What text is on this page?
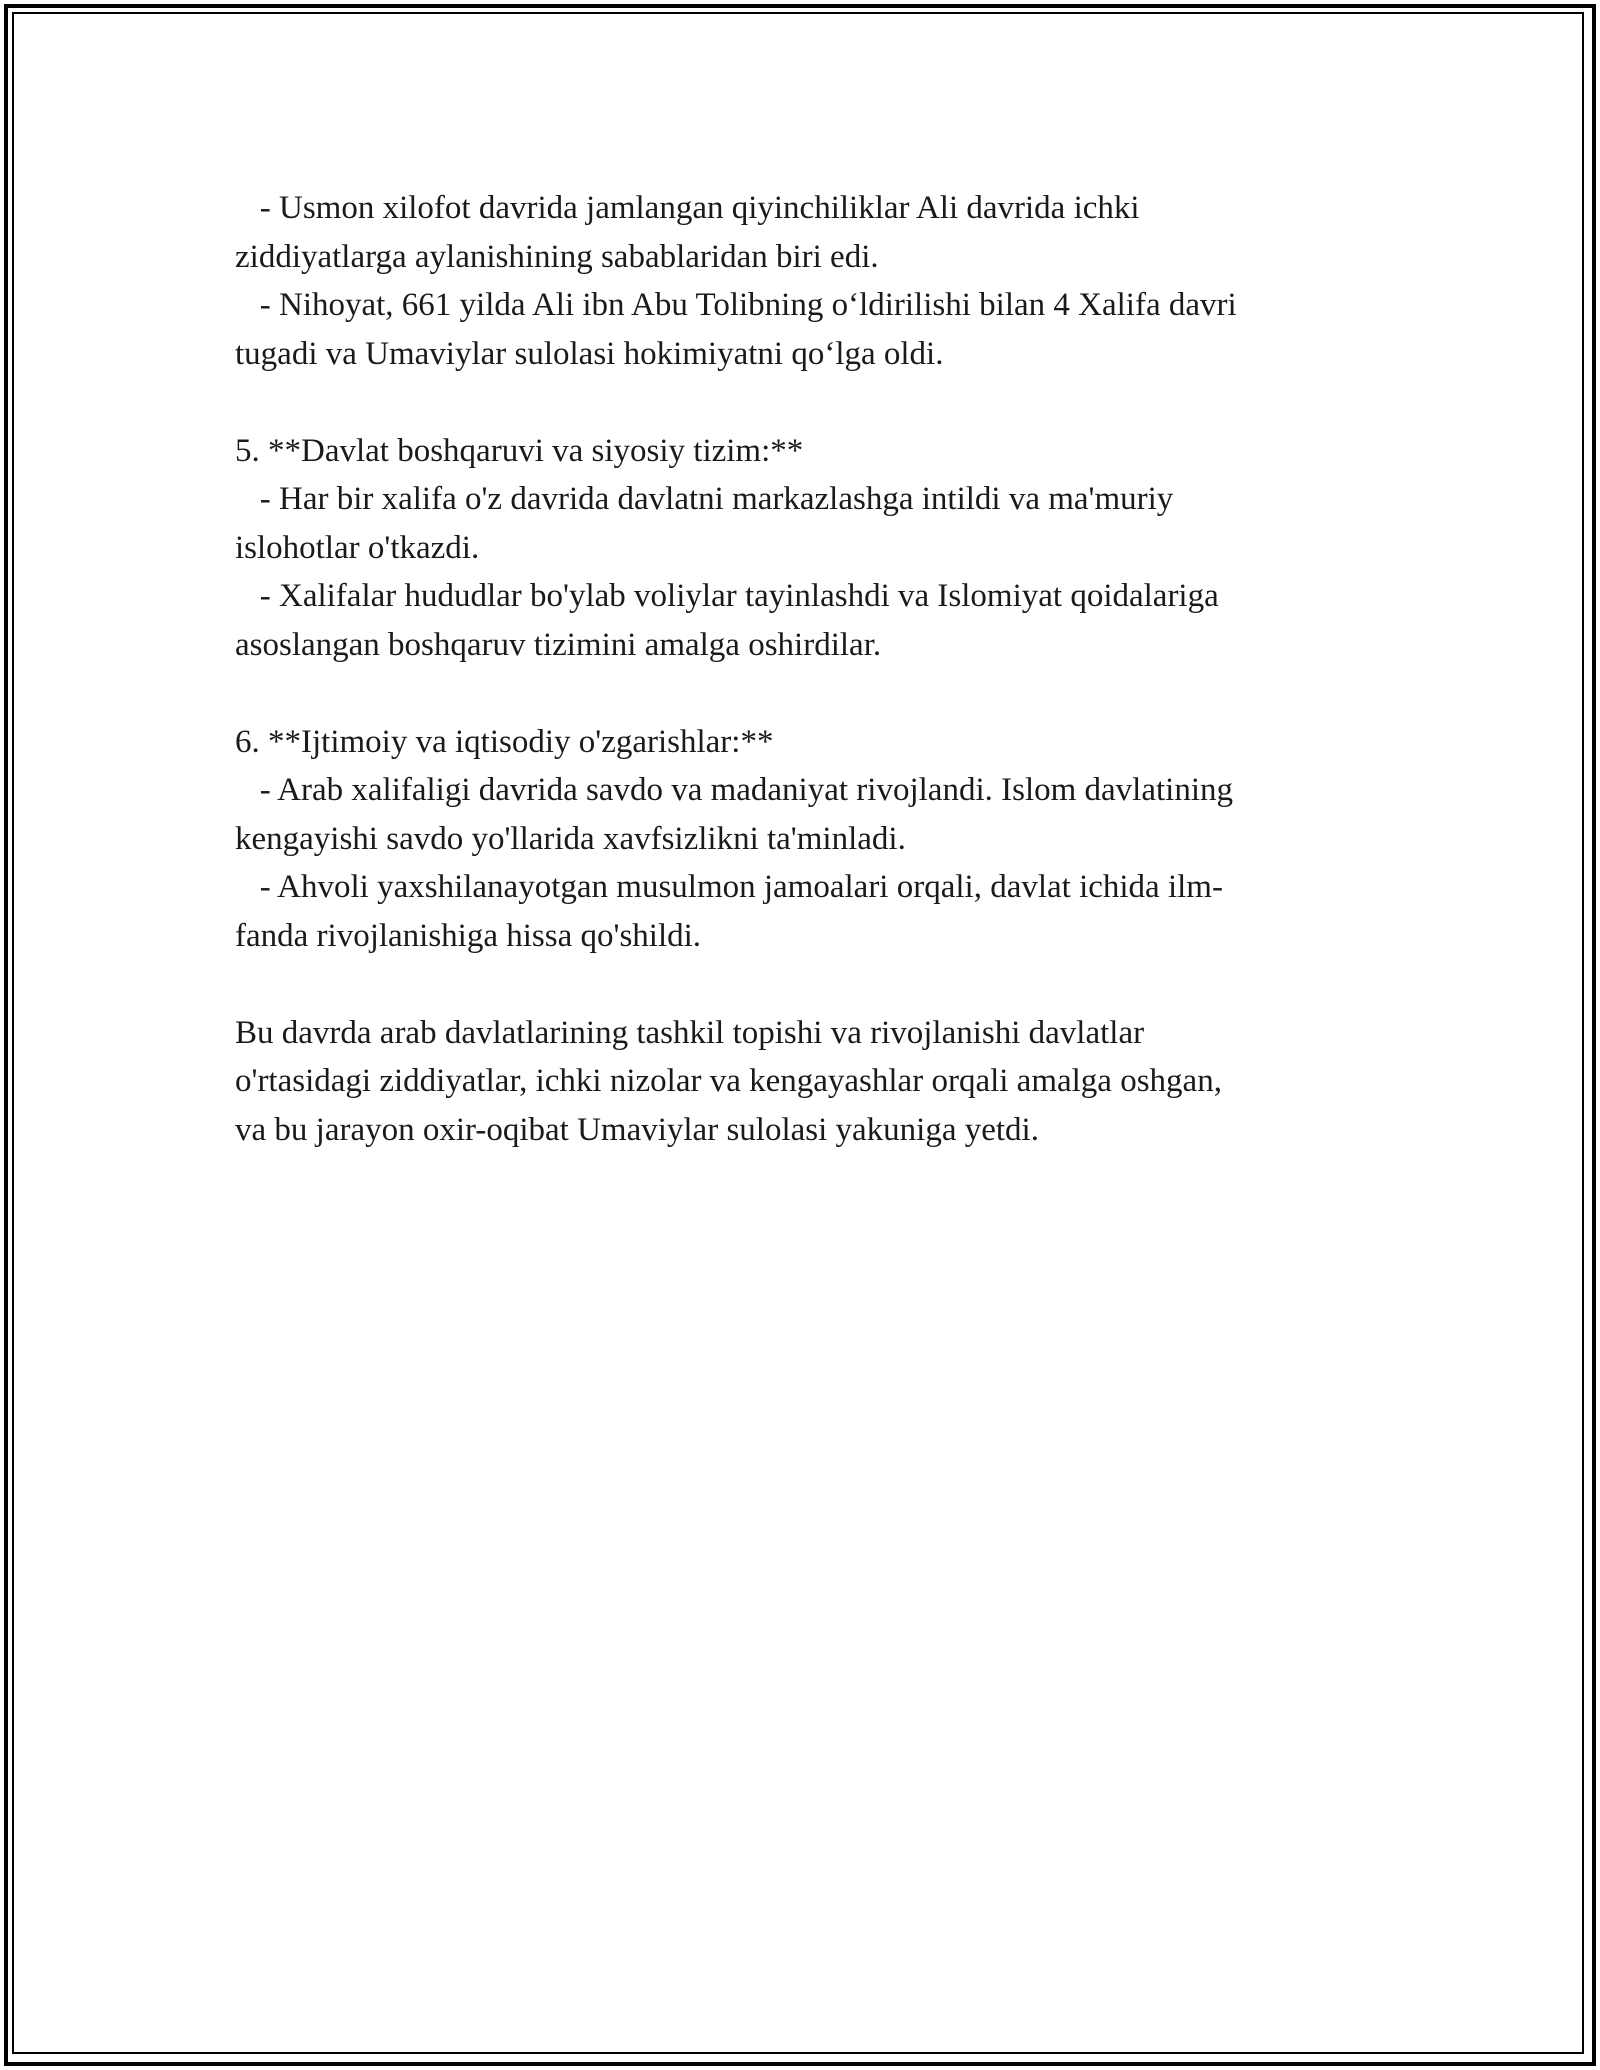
- Usmon xilofot davrida jamlangan qiyinchiliklar Ali davrida ichki
ziddiyatlarga aylanishining sabablaridan biri edi.
- Nihoyat, 661 yilda Ali ibn Abu Tolibning o‘ldirilishi bilan 4 Xalifa davri
tugadi va Umaviylar sulolasi hokimiyatni qo‘lga oldi.
5. **Davlat boshqaruvi va siyosiy tizim:**
- Har bir xalifa o'z davrida davlatni markazlashga intildi va ma'muriy
islohotlar o'tkazdi.
- Xalifalar hududlar bo'ylab voliylar tayinlashdi va Islomiyat qoidalariga
asoslangan boshqaruv tizimini amalga oshirdilar.
6. **Ijtimoiy va iqtisodiy o'zgarishlar:**
- Arab xalifaligi davrida savdo va madaniyat rivojlandi. Islom davlatining
kengayishi savdo yo'llarida xavfsizlikni ta'minladi.
- Ahvoli yaxshilanayotgan musulmon jamoalari orqali, davlat ichida ilm-
fanda rivojlanishiga hissa qo'shildi.
Bu davrda arab davlatlarining tashkil topishi va rivojlanishi davlatlar
o'rtasidagi ziddiyatlar, ichki nizolar va kengayashlar orqali amalga oshgan,
va bu jarayon oxir-oqibat Umaviylar sulolasi yakuniga yetdi.
